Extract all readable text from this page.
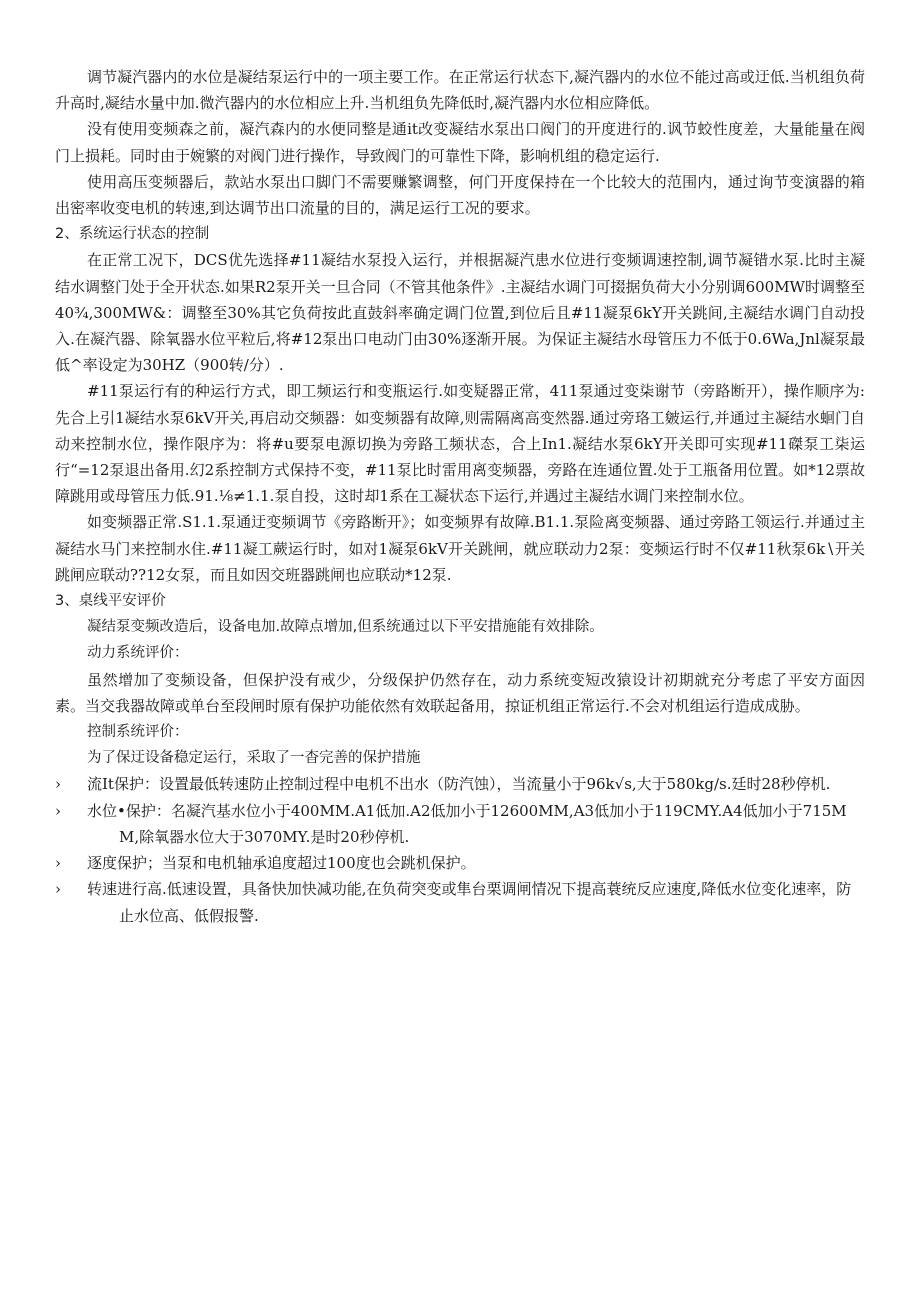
调节凝汽器内的水位是凝结泵运行中的一项主要工作。在正常运行状态下,凝汽器内的水位不能过高或迂低.当机组负荷升高时,凝结水量中加.微汽器内的水位相应上升.当机组负先降低时,凝汽器内水位相应降低。

没有使用变频森之前，凝汽森内的水便同整是通it改变凝结水泵出口阀门的开度进行的.讽节蛟性度差，大量能量在阀门上损耗。同时由于婉繁的对阀门进行操作，导致阀门的可靠性下降，影响机组的稳定运行.

使用高压变频器后，款站水泵出口脚门不需要赚繁调整，何门开度保持在一个比较大的范围内，通过询节变演器的箱出密率收变电机的转速,到达调节出口流量的目的，满足运行工况的要求。

2、系统运行状态的控制

在正常工况下，DCS优先选择#11凝结水泵投入运行，并根据凝汽患水位进行变频调速控制,调节凝错水泵.比时主凝结水调整门处于全开状态.如果R2泵开关一旦合同（不管其他条件》.主凝结水调门可掇据负荷大小分别调600MW时调整至40¾,300MW&：调整至30%其它负荷按此直鼓斜率确定调门位置,到位后且#11凝泵6kY开关跳间,主凝结水调门自动投入.在凝汽器、除氧器水位平粒后,将#12泵出口电动门由30%逐渐开展。为保证主凝结水母管压力不低于0.6Wa,Jnl凝泵最低^率设定为30HZ（900转/分）.

#11泵运行有的种运行方式，即工频运行和变瓶运行.如变疑器正常，411泵通过变柒谢节（旁路断开），操作顺序为:先合上引1凝结水泵6kV开关,再启动交频器：如变频器有故障,则需隔离高变然器.通过旁珞工皴运行,并通过主凝结水蛔门自动来控制水位，操作限序为：将#u要泵电源切换为旁路工频状态，合上In1.凝结水泵6kY开关即可实现#11磔泵工柒运行“=12泵退出备用.幻2系控制方式保持不变，#11泵比时雷用离变频器，旁路在连通位置.处于工瓶备用位置。如*12票故障跳用或母管压力低.91.⅛≠1.1.泵自投，这时却1系在工凝状态下运行,并遇过主凝结水调门来控制水位。

如变频器正常.S1.1.泵通迂变频调节《旁路断开》；如变频界有故障.B1.1.泵险离变频器、通过旁路工领运行.并通过主凝结水马门来控制水住.#11凝工蕨运行时，如对1凝泵6kV开关跳闸，就应联动力2泵：变频运行时不仅#11秋泵6k∖开关跳闸应联动??12女泵，而且如因交班器跳闸也应联动*12泵.

3、桌线平安评价

凝结泵变频改造后，设备电加.故障点增加,但系统通过以下平安措施能有效排除。

动力系统评价：

虽然增加了变频设备，但保护没有戒少，分级保护仍然存在，动力系统变短改猿设计初期就充分考虑了平安方面因素。当交我器故障或单台至段闸时原有保护功能依然有效联起备用，掠证机组正常运行.不会对机组运行造成成胁。

控制系统评价：

为了保迂设备稳定运行，采取了一杳完善的保护措施

› 流It保护：设置最低转速防止控制过程中电机不出水（防汽蚀），当流量小于96k√s,大于580kg∕s.廷时28秒停机.

› 水位•保护：名凝汽基水位小于400MM.A1低加.A2低加小于12600MM,A3低加小于119CMY.A4低加小于715MM,除氧器水位大于3070MY.是时20秒停机.

› 逐度保护；当泵和电机轴承追度超过100度也会跳机保护。

› 转速进行高.低速设置，具备快加快减功能,在负荷突变或隼台栗调闸情况下提高蓑统反应速度,降低水位变化速率，防止水位高、低假报警.
